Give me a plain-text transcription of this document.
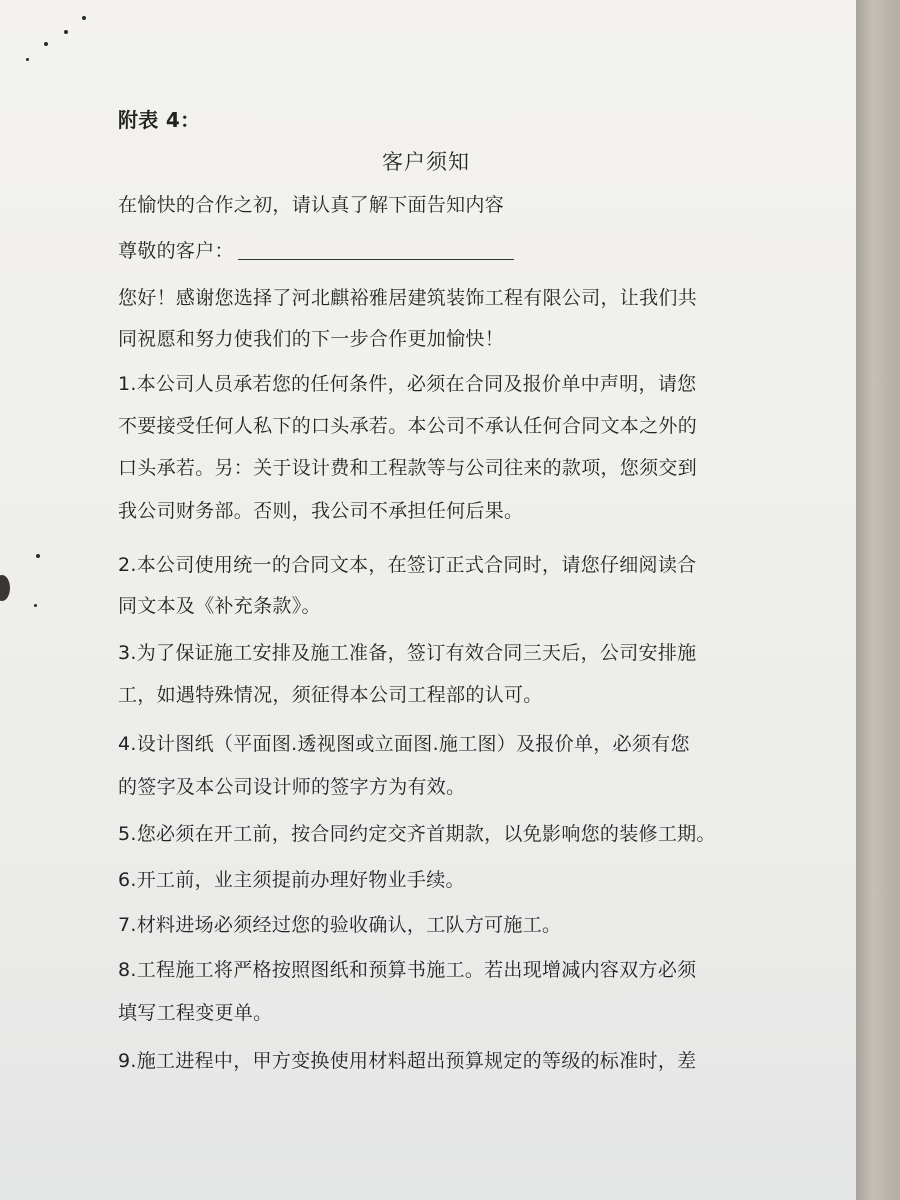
附表 4：
客户须知
在愉快的合作之初，请认真了解下面告知内容
尊敬的客户：
您好！感谢您选择了河北麒裕雅居建筑装饰工程有限公司，让我们共
同祝愿和努力使我们的下一步合作更加愉快！
1.本公司人员承若您的任何条件，必须在合同及报价单中声明，请您
不要接受任何人私下的口头承若。本公司不承认任何合同文本之外的
口头承若。另：关于设计费和工程款等与公司往来的款项，您须交到
我公司财务部。否则，我公司不承担任何后果。
2.本公司使用统一的合同文本，在签订正式合同时，请您仔细阅读合
同文本及《补充条款》。
3.为了保证施工安排及施工准备，签订有效合同三天后，公司安排施
工，如遇特殊情况，须征得本公司工程部的认可。
4.设计图纸（平面图.透视图或立面图.施工图）及报价单，必须有您
的签字及本公司设计师的签字方为有效。
5.您必须在开工前，按合同约定交齐首期款，以免影响您的装修工期。
6.开工前，业主须提前办理好物业手续。
7.材料进场必须经过您的验收确认，工队方可施工。
8.工程施工将严格按照图纸和预算书施工。若出现增减内容双方必须
填写工程变更单。
9.施工进程中，甲方变换使用材料超出预算规定的等级的标准时，差
